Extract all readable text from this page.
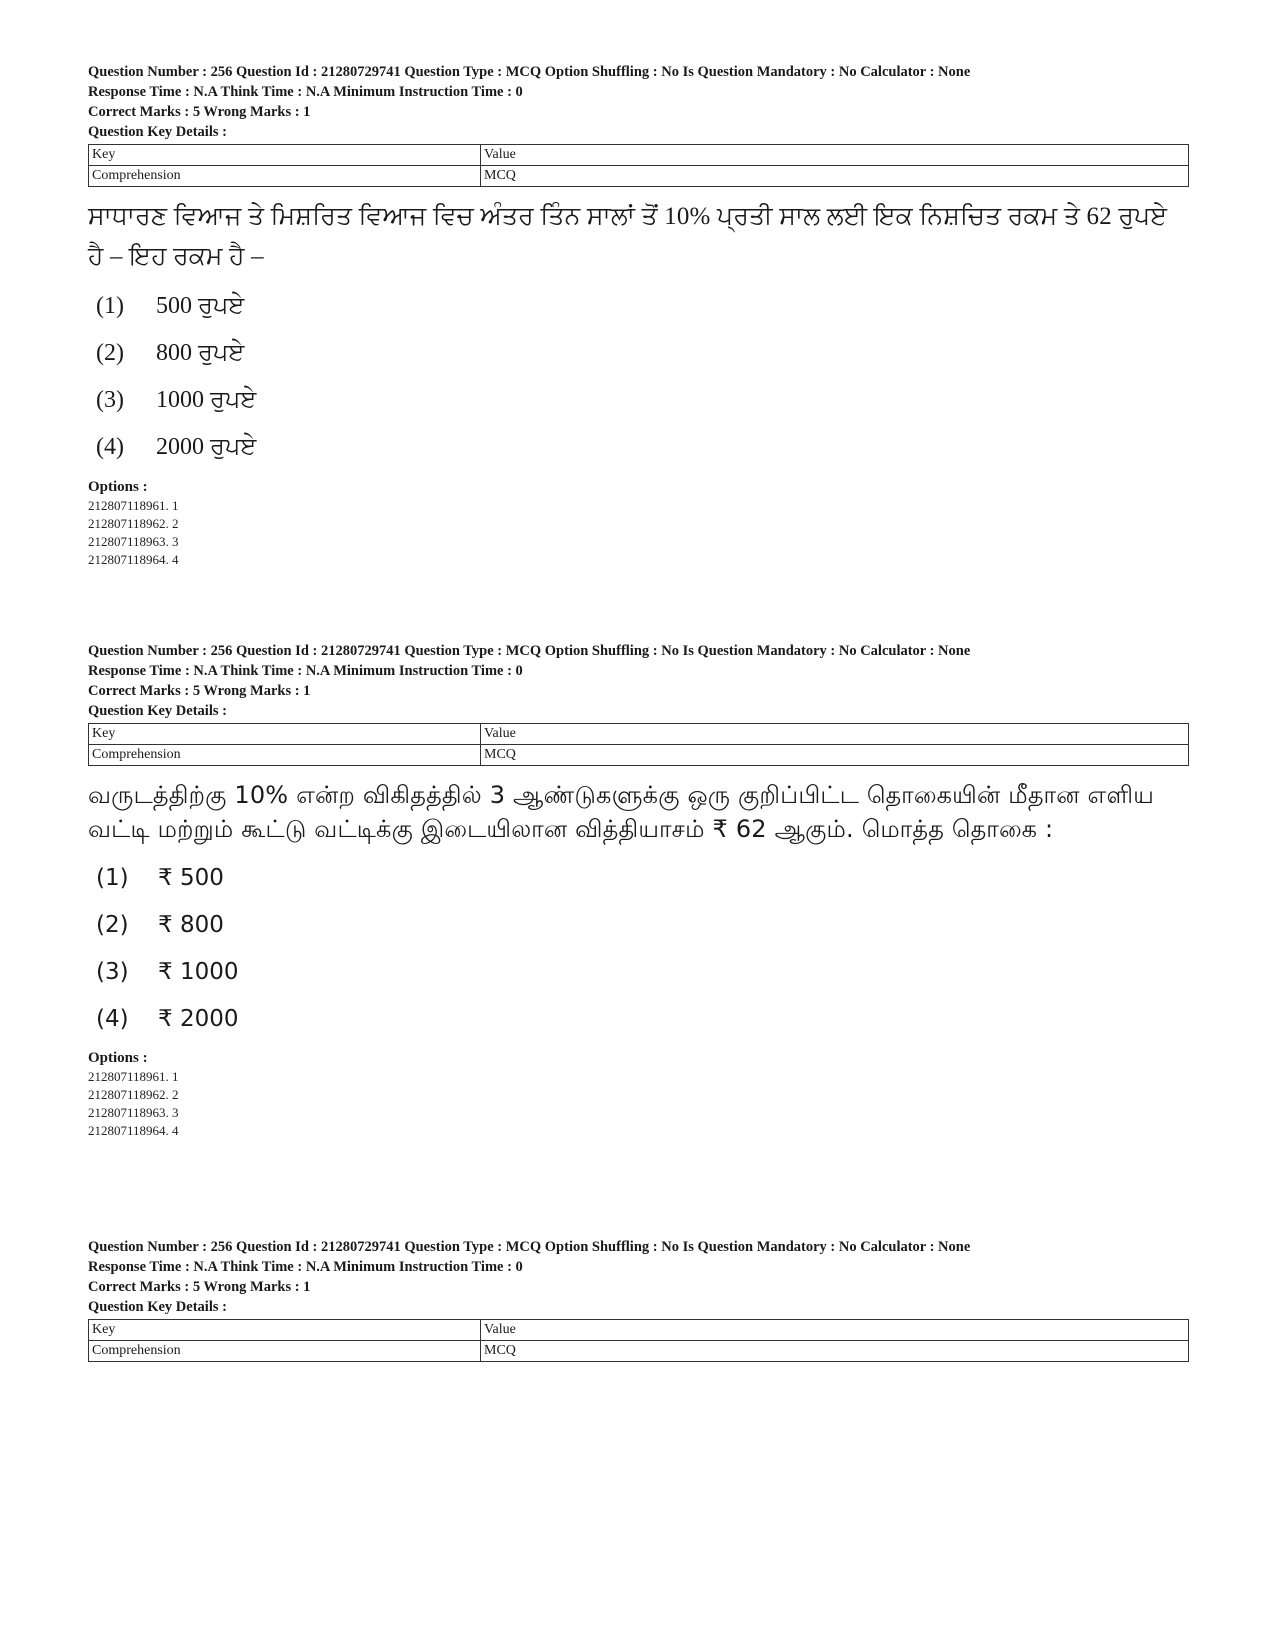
Question Number : 256 Question Id : 21280729741 Question Type : MCQ Option Shuffling : No Is Question Mandatory : No Calculator : None
Response Time : N.A Think Time : N.A Minimum Instruction Time : 0
Correct Marks : 5 Wrong Marks : 1
Question Key Details :
Key	Value
Comprehension	MCQ
ਸਾਧਾਰਣ ਵਿਆਜ ਤੇ ਮਿਸ਼ਰਿਤ ਵਿਆਜ ਵਿਚ ਅੰਤਰ ਤਿੰਨ ਸਾਲਾਂ ਤੋਂ 10% ਪ੍ਰਤੀ ਸਾਲ ਲਈ ਇਕ ਨਿਸ਼ਚਿਤ ਰਕਮ ਤੇ 62 ਰੁਪਏ ਹੈ – ਇਹ ਰਕਮ ਹੈ –
(1)	500 ਰੁਪਏ
(2)	800 ਰੁਪਏ
(3)	1000 ਰੁਪਏ
(4)	2000 ਰੁਪਏ
Options :
212807118961. 1
212807118962. 2
212807118963. 3
212807118964. 4
Question Number : 256 Question Id : 21280729741 Question Type : MCQ Option Shuffling : No Is Question Mandatory : No Calculator : None
Response Time : N.A Think Time : N.A Minimum Instruction Time : 0
Correct Marks : 5 Wrong Marks : 1
Question Key Details :
Key	Value
Comprehension	MCQ
வருடத்திற்கு 10% என்ற விகிதத்தில் 3 ஆண்டுகளுக்கு ஒரு குறிப்பிட்ட தொகையின் மீதான எளிய வட்டி மற்றும் கூட்டு வட்டிக்கு இடையிலான வித்தியாசம் ₹ 62 ஆகும். மொத்த தொகை :
(1)	₹ 500
(2)	₹ 800
(3)	₹ 1000
(4)	₹ 2000
Options :
212807118961. 1
212807118962. 2
212807118963. 3
212807118964. 4
Question Number : 256 Question Id : 21280729741 Question Type : MCQ Option Shuffling : No Is Question Mandatory : No Calculator : None
Response Time : N.A Think Time : N.A Minimum Instruction Time : 0
Correct Marks : 5 Wrong Marks : 1
Question Key Details :
Key	Value
Comprehension	MCQ
